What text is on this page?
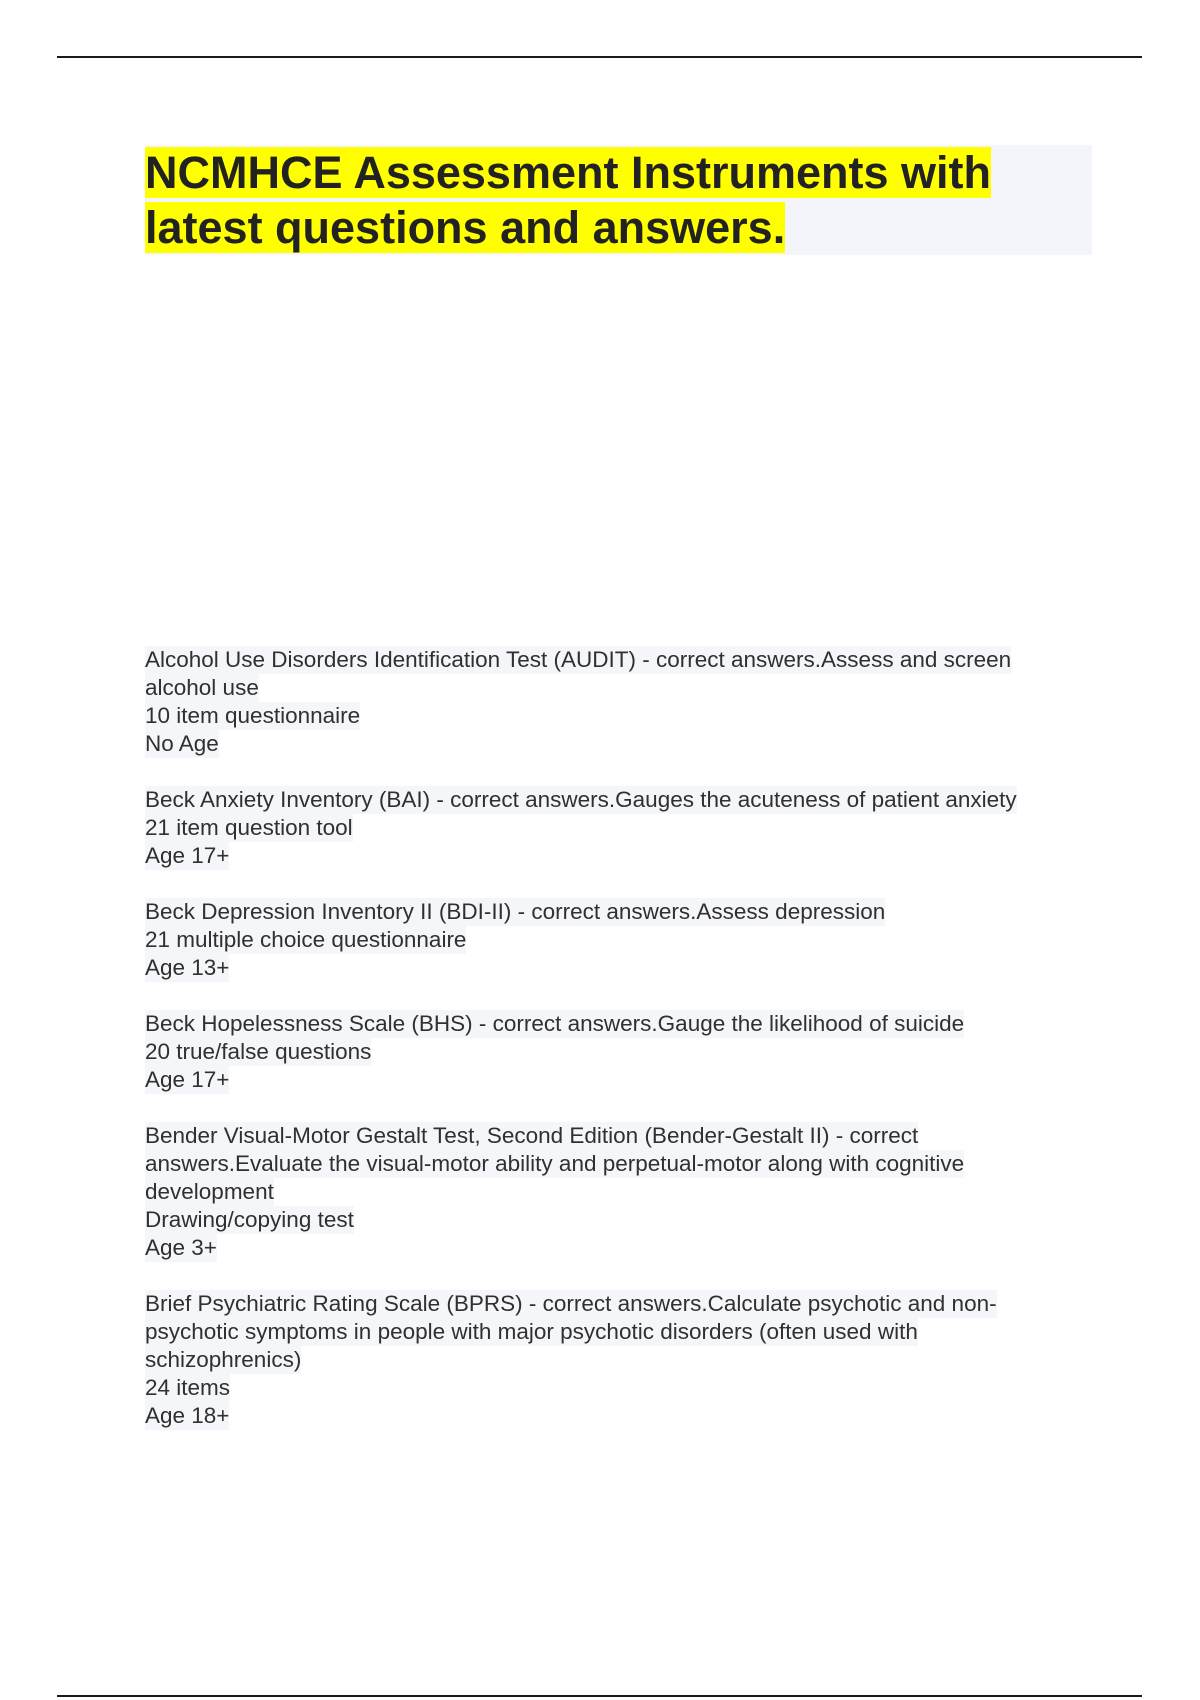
NCMHCE Assessment Instruments with
latest questions and answers.
Alcohol Use Disorders Identification Test (AUDIT) - correct answers.Assess and screen
alcohol use
10 item questionnaire
No Age
Beck Anxiety Inventory (BAI) - correct answers.Gauges the acuteness of patient anxiety
21 item question tool
Age 17+
Beck Depression Inventory II (BDI-II) - correct answers.Assess depression
21 multiple choice questionnaire
Age 13+
Beck Hopelessness Scale (BHS) - correct answers.Gauge the likelihood of suicide
20 true/false questions
Age 17+
Bender Visual-Motor Gestalt Test, Second Edition (Bender-Gestalt II) - correct
answers.Evaluate the visual-motor ability and perpetual-motor along with cognitive
development
Drawing/copying test
Age 3+
Brief Psychiatric Rating Scale (BPRS) - correct answers.Calculate psychotic and non-
psychotic symptoms in people with major psychotic disorders (often used with
schizophrenics)
24 items
Age 18+
